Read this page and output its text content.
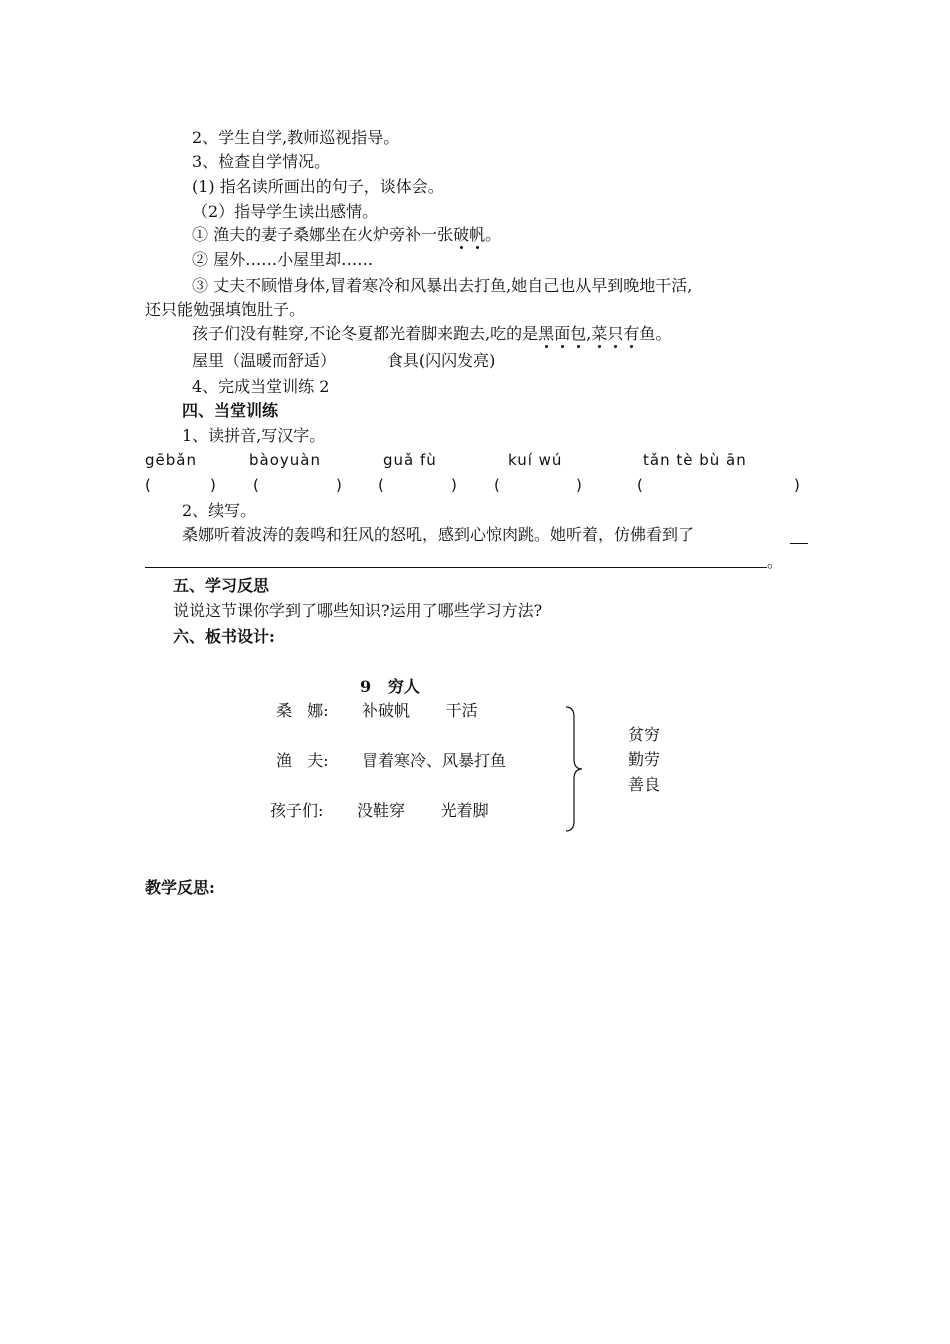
2、学生自学,教师巡视指导。
3、检查自学情况。
(1) 指名读所画出的句子，谈体会。
（2）指导学生读出感情。
① 渔夫的妻子桑娜坐在火炉旁补一张破帆。
② 屋外……小屋里却……
③ 丈夫不顾惜身体,冒着寒冷和风暴出去打鱼,她自己也从早到晚地干活,
还只能勉强填饱肚子。
孩子们没有鞋穿,不论冬夏都光着脚来跑去,吃的是黑面包,菜只有鱼。
屋里（温暖而舒适）          食具(闪闪发亮)
4、完成当堂训练 2
四、当堂训练
1、读拼音,写汉字。
gēbǎn	bàoyuàn	guǎ fù	kuí wú	tǎn tè bù ān
(	) (	) (	) (	)	(	)
2、续写。
桑娜听着波涛的轰鸣和狂风的怒吼，感到心惊肉跳。她听着，仿佛看到了
。
五、学习反思
说说这节课你学到了哪些知识?运用了哪些学习方法?
六、板书设计:
9   穷人
桑   娜: 补破帆       干活
渔   夫: 冒着寒冷、风暴打鱼
孩子们: 没鞋穿       光着脚
贫穷
勤劳
善良
教学反思:
